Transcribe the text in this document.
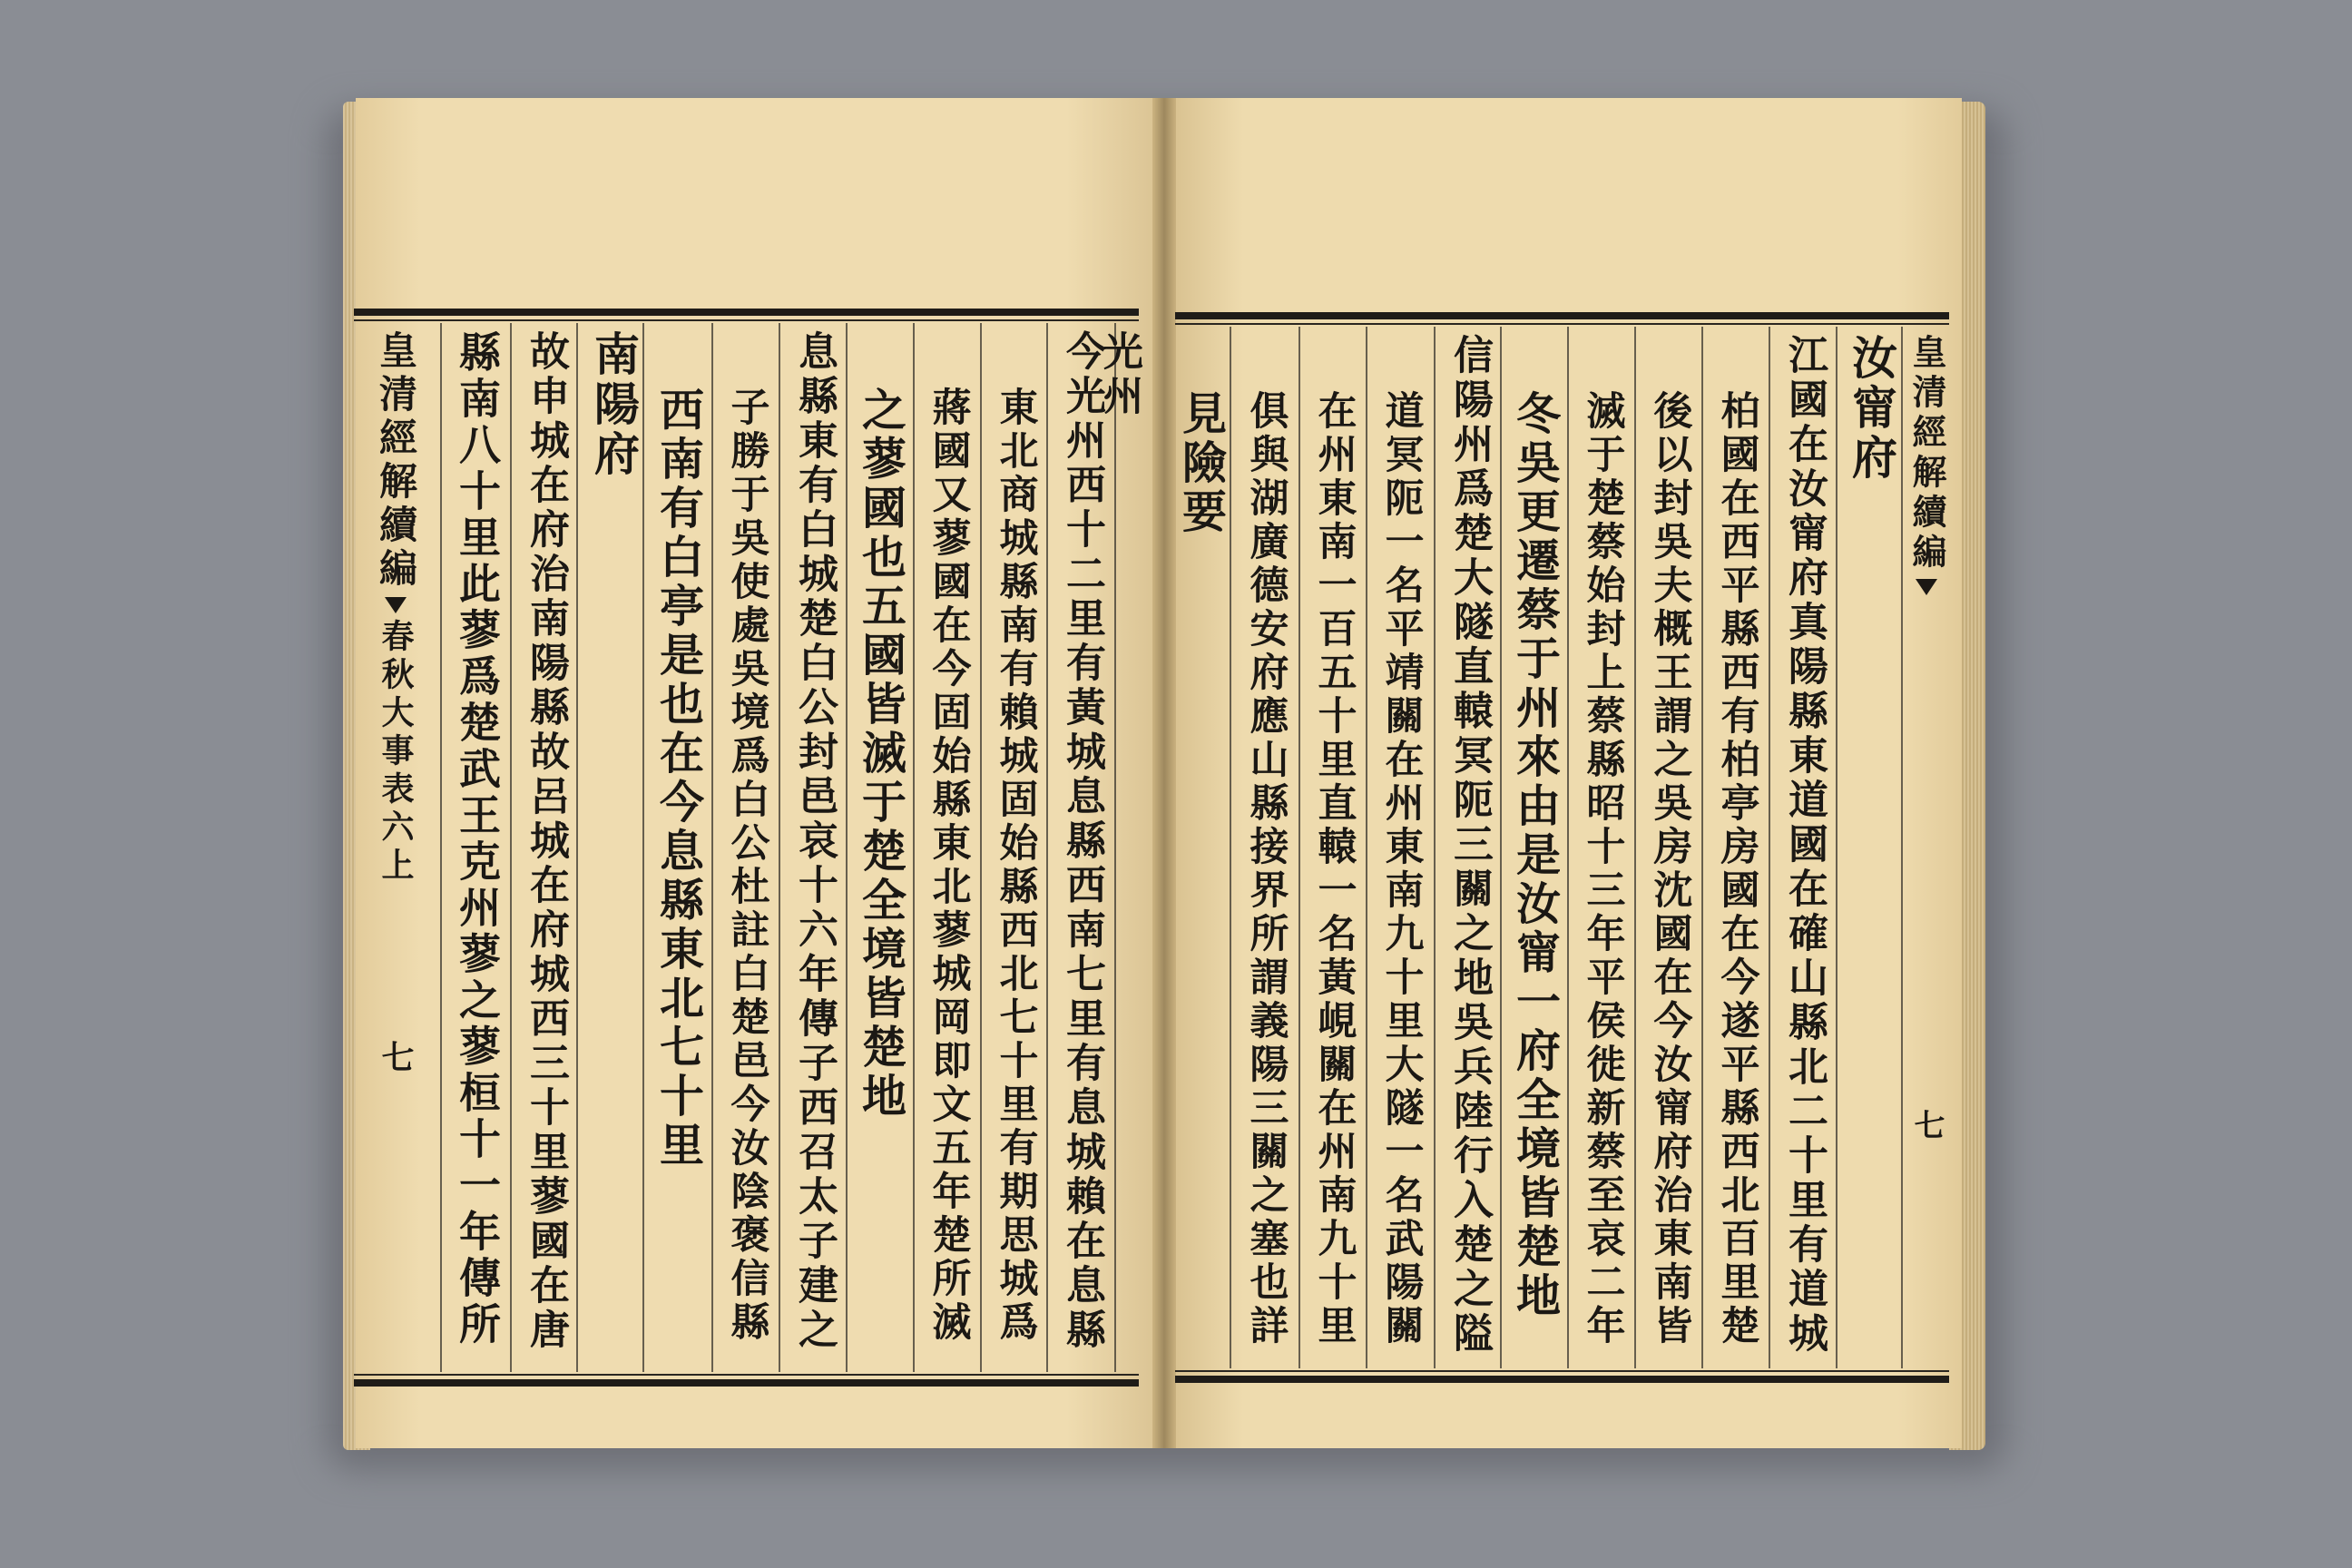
皇清經解續編
春秋大事表六上
七 縣南八十里此蓼爲楚武王克州蓼之蓼桓十一年傳所 故申城在府治南陽縣故呂城在府城西三十里蓼國在唐 南陽府 西南有白亭是也在今息縣東北七十里 子勝于吳使處吳境爲白公杜註白楚邑今汝陰褒信縣 息縣東有白城楚白公封邑哀十六年傳子西召太子建之 之蓼國也五國皆滅于楚全境皆楚地 蔣國又蓼國在今固始縣東北蓼城岡即文五年楚所滅 東北商城縣南有賴城固始縣西北七十里有期思城爲 今光州西十二里有黃城息縣西南七里有息城賴在息縣
光州
見險要 俱與湖廣德安府應山縣接界所謂義陽三關之塞也詳 在州東南一百五十里直轅一名黃峴關在州南九十里 道冥阨一名平靖關在州東南九十里大隧一名武陽關 信陽州爲楚大隧直轅冥阨三關之地吳兵陸行入楚之隘 冬吳更遷蔡于州來由是汝甯一府全境皆楚地 滅于楚蔡始封上蔡縣昭十三年平侯徙新蔡至哀二年 後以封吳夫概王謂之吳房沈國在今汝甯府治東南皆 柏國在西平縣西有柏亭房國在今遂平縣西北百里楚 江國在汝甯府真陽縣東道國在確山縣北二十里有道城 汝甯府 皇清經解續編
七
